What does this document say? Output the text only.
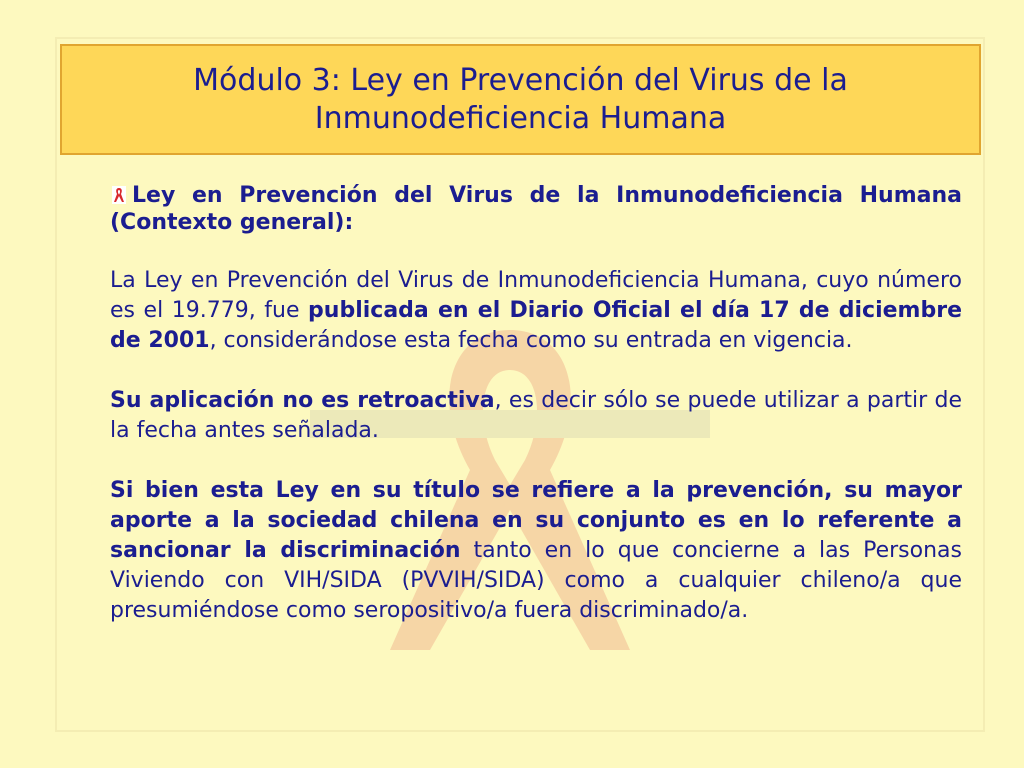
Módulo 3: Ley en Prevención del Virus de la
Inmunodeficiencia Humana
Ley en Prevención del Virus de la Inmunodeficiencia Humana (Contexto general):

La Ley en Prevención del Virus de Inmunodeficiencia Humana, cuyo número es el 19.779, fue publicada en el Diario Oficial el día 17 de diciembre de 2001, considerándose esta fecha como su entrada en vigencia.

Su aplicación no es retroactiva, es decir sólo se puede utilizar a partir de la fecha antes señalada.

Si bien esta Ley en su título se refiere a la prevención, su mayor aporte a la sociedad chilena en su conjunto es en lo referente a sancionar la discriminación tanto en lo que concierne a las Personas Viviendo con VIH/SIDA (PVVIH/SIDA) como a cualquier chileno/a que presumiéndose como seropositivo/a fuera discriminado/a.
